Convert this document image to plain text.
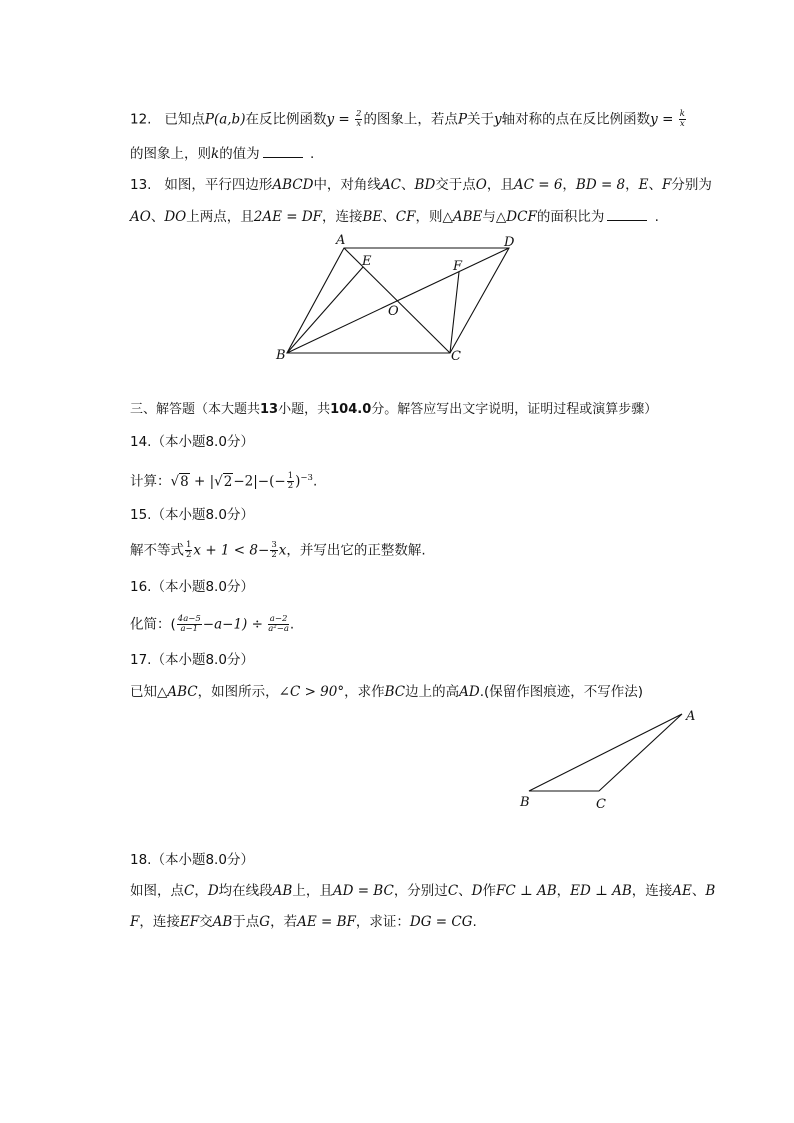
12. 已知点P(a,b)在反比例函数$y = \frac{2}{x}$ 的图象上，若点P关于y轴对称的点在反比例函数$y = \frac{k}{x}$
的图象上，则k的值为	.
13. 如图，平行四边形ABCD中，对角线AC、BD交于点O，且AC = 6，BD = 8，E、F分别为
AO、DO上两点，且2AE = DF，连接BE、CF，则△ABE与△DCF的面积比为	.
A	D
E	F
O
B	C
三、解答题（本大题共13小题，共104.0分。解答应写出文字说明，证明过程或演算步骤）
14.（本小题8.0分）
计算：$√8 + |√2-2|-(- \frac{1}{2} )^{-3}$.
15.（本小题8.0分）
解不等式 $\frac{1}{2}$ $x + 1 < 8- \frac{3}{2}$ x，并写出它的正整数解.
16.（本小题8.0分）
化简：( $\frac{4a-5}{a-1} -a-1) \div \frac{a-2}{\text{a²−a}}$ .
17.（本小题8.0分）
已知△ABC，如图所示，∠C > 90°，求作BC边上的高AD.(保留作图痕迹，不写作法)
A
B	C
18.（本小题8.0分）
如图，点C，D均在线段AB上，且AD = BC，分别过C、D作FC ⊥ AB，ED ⊥ AB，连接AE、B
F，连接EF交AB于点G，若AE = BF，求证：DG = CG.
